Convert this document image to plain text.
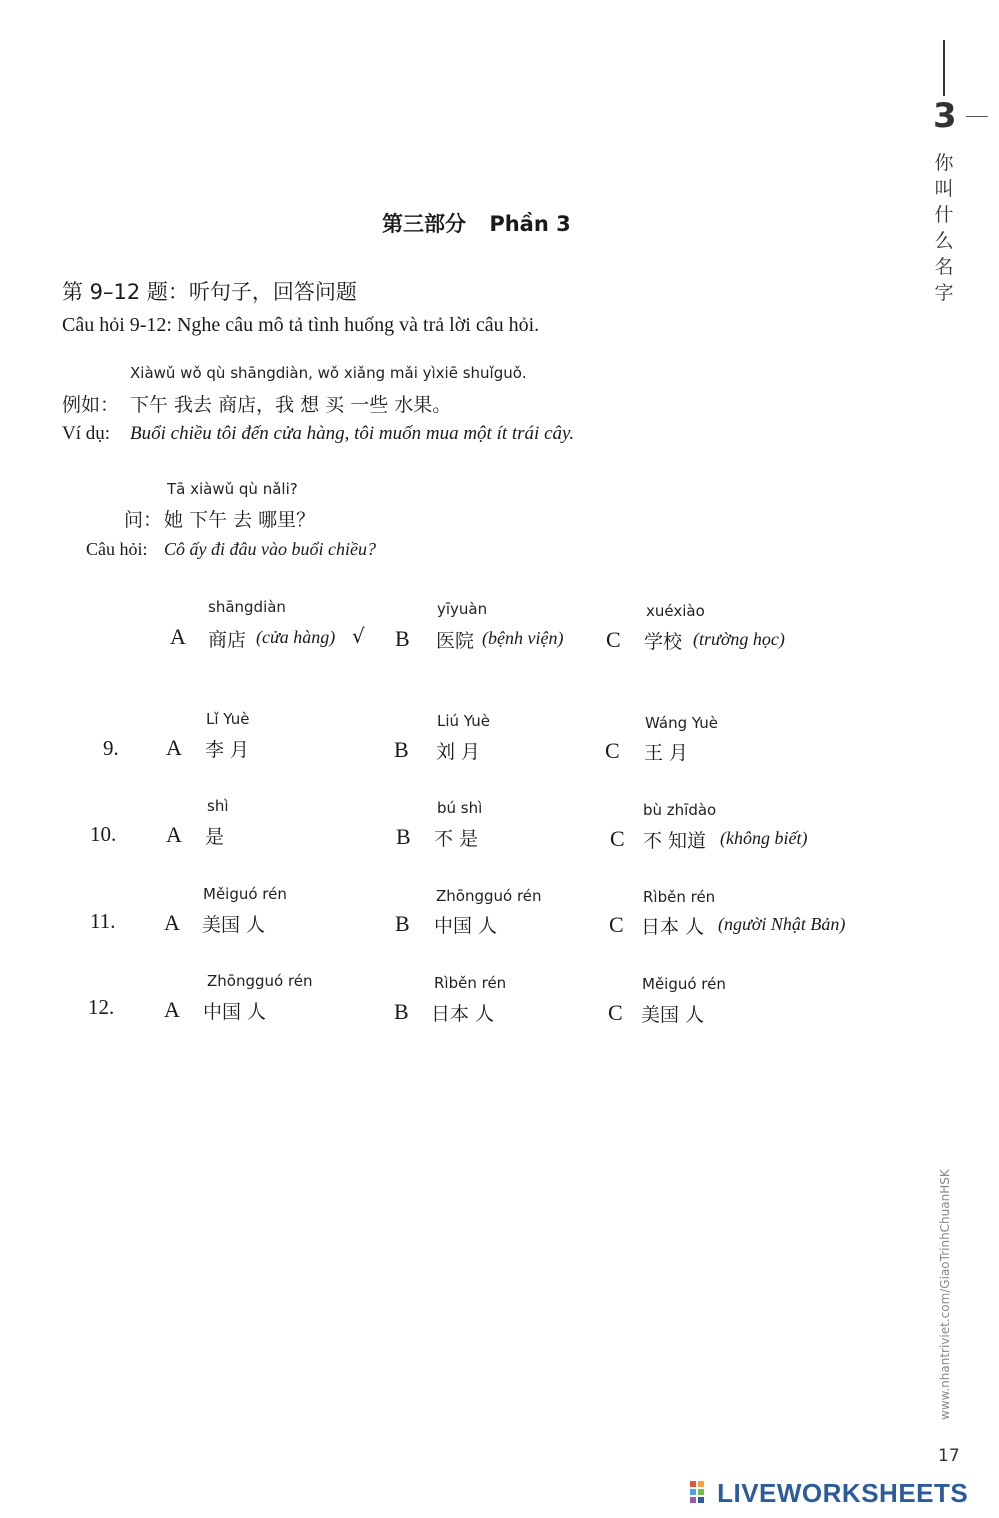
3
你叫什么名字
www.nhantriviet.com/GiaoTrinhChuanHSK
第三部分 Phần 3
第 9–12 题：听句子，回答问题
Câu hỏi 9-12: Nghe câu mô tả tình huống và trả lời câu hỏi.
Xiàwǔ wǒ qù shāngdiàn, wǒ xiǎng mǎi yìxiē shuǐguǒ.
例如： 下午 我去 商店，我 想 买 一些 水果。
Ví dụ: Buổi chiều tôi đến cửa hàng, tôi muốn mua một ít trái cây.
Tā xiàwǔ qù nǎli?
问： 她 下午 去 哪里？
Câu hỏi: Cô ấy đi đâu vào buổi chiều?
shāngdiàn
A 商店 (cửa hàng) √
yīyuàn
B 医院 (bệnh viện)
xuéxiào
C 学校 (trường học)
9.
Lǐ Yuè
A 李 月
Liú Yuè
B 刘 月
Wáng Yuè
C 王 月
10.
shì
A 是
bú shì
B 不 是
bù zhīdào
C 不 知道 (không biết)
11.
Měiguó rén
A 美国 人
Zhōngguó rén
B 中国 人
Rìběn rén
C 日本 人 (người Nhật Bản)
12.
Zhōngguó rén
A 中国 人
Rìběn rén
B 日本 人
Měiguó rén
C 美国 人
17
LIVEWORKSHEETS
